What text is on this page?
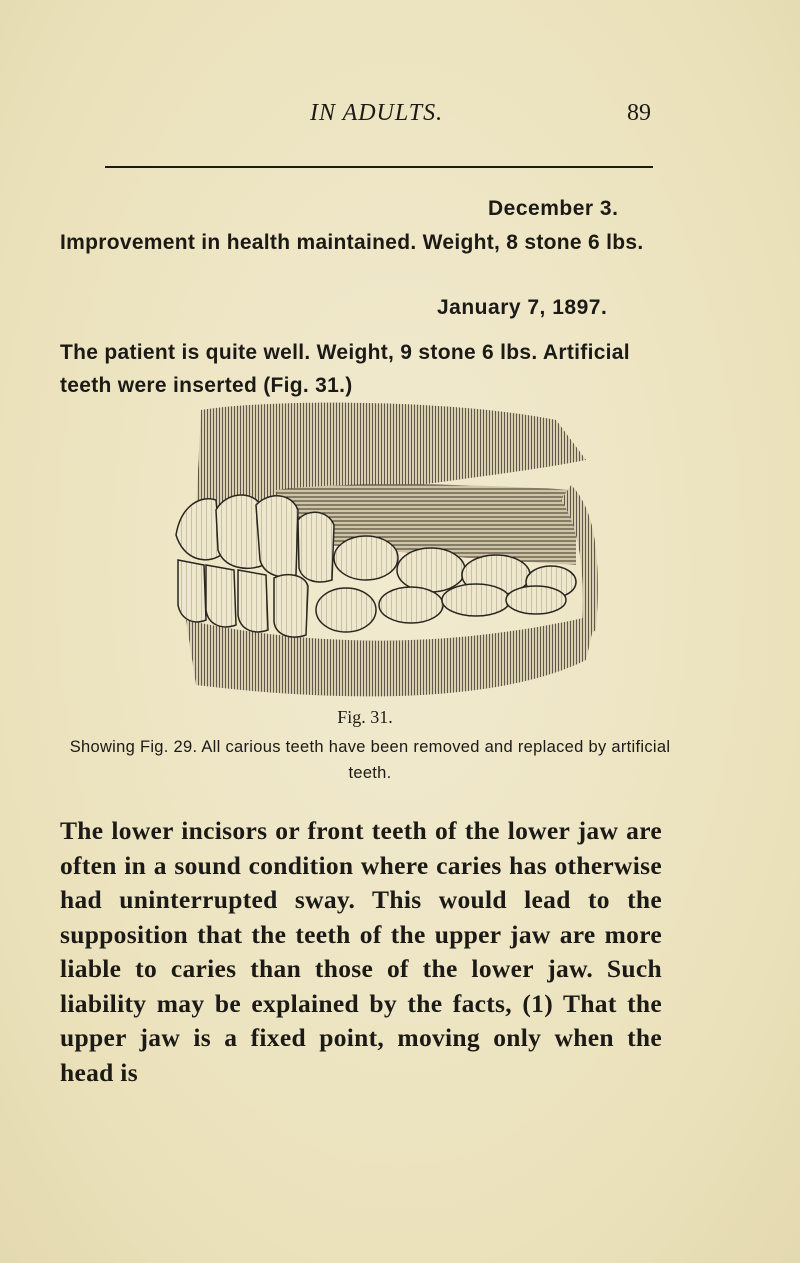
IN ADULTS.	89
December 3.
Improvement in health maintained. Weight, 8 stone 6 lbs.
January 7, 1897.
The patient is quite well. Weight, 9 stone 6 lbs. Artificial teeth were inserted (Fig. 31.)
Fig. 31.
Showing Fig. 29. All carious teeth have been removed and replaced by artificial teeth.
The lower incisors or front teeth of the lower jaw are often in a sound condition where caries has otherwise had uninterrupted sway. This would lead to the supposition that the teeth of the upper jaw are more liable to caries than those of the lower jaw. Such liability may be explained by the facts, (1) That the upper jaw is a fixed point, moving only when the head is
